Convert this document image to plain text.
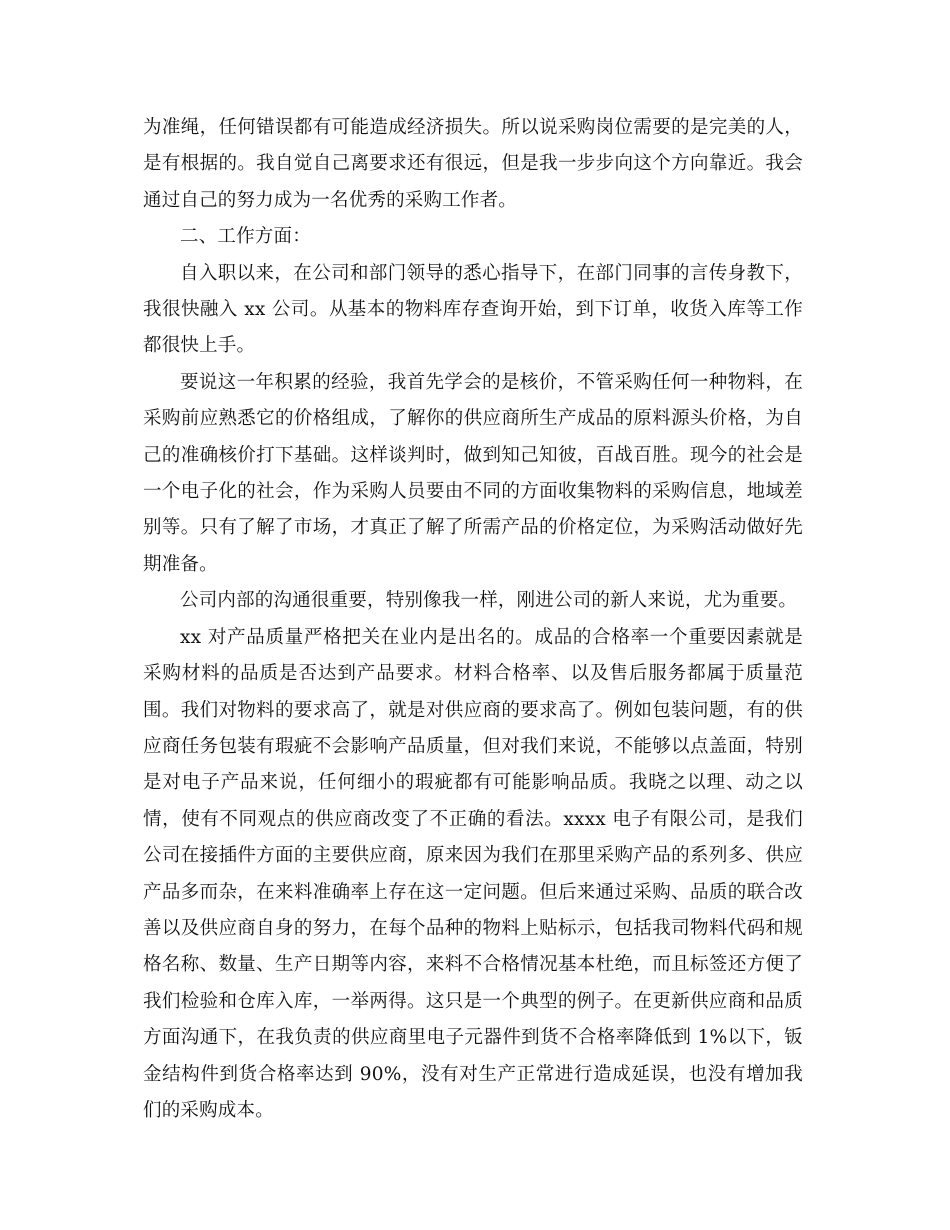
为准绳，任何错误都有可能造成经济损失。所以说采购岗位需要的是完美的人，是有根据的。我自觉自己离要求还有很远，但是我一步步向这个方向靠近。我会通过自己的努力成为一名优秀的采购工作者。

二、工作方面：

自入职以来，在公司和部门领导的悉心指导下，在部门同事的言传身教下，我很快融入 xx 公司。从基本的物料库存查询开始，到下订单，收货入库等工作都很快上手。

要说这一年积累的经验，我首先学会的是核价，不管采购任何一种物料，在采购前应熟悉它的价格组成，了解你的供应商所生产成品的原料源头价格，为自己的准确核价打下基础。这样谈判时，做到知己知彼，百战百胜。现今的社会是一个电子化的社会，作为采购人员要由不同的方面收集物料的采购信息，地域差别等。只有了解了市场，才真正了解了所需产品的价格定位，为采购活动做好先期准备。

公司内部的沟通很重要，特别像我一样，刚进公司的新人来说，尤为重要。

xx 对产品质量严格把关在业内是出名的。成品的合格率一个重要因素就是采购材料的品质是否达到产品要求。材料合格率、以及售后服务都属于质量范围。我们对物料的要求高了，就是对供应商的要求高了。例如包装问题，有的供应商任务包装有瑕疵不会影响产品质量，但对我们来说，不能够以点盖面，特别是对电子产品来说，任何细小的瑕疵都有可能影响品质。我晓之以理、动之以情，使有不同观点的供应商改变了不正确的看法。xxxx 电子有限公司，是我们公司在接插件方面的主要供应商，原来因为我们在那里采购产品的系列多、供应产品多而杂，在来料准确率上存在这一定问题。但后来通过采购、品质的联合改善以及供应商自身的努力，在每个品种的物料上贴标示，包括我司物料代码和规格名称、数量、生产日期等内容，来料不合格情况基本杜绝，而且标签还方便了我们检验和仓库入库，一举两得。这只是一个典型的例子。在更新供应商和品质方面沟通下，在我负责的供应商里电子元器件到货不合格率降低到 1%以下，钣金结构件到货合格率达到 90%，没有对生产正常进行造成延误，也没有增加我们的采购成本。
